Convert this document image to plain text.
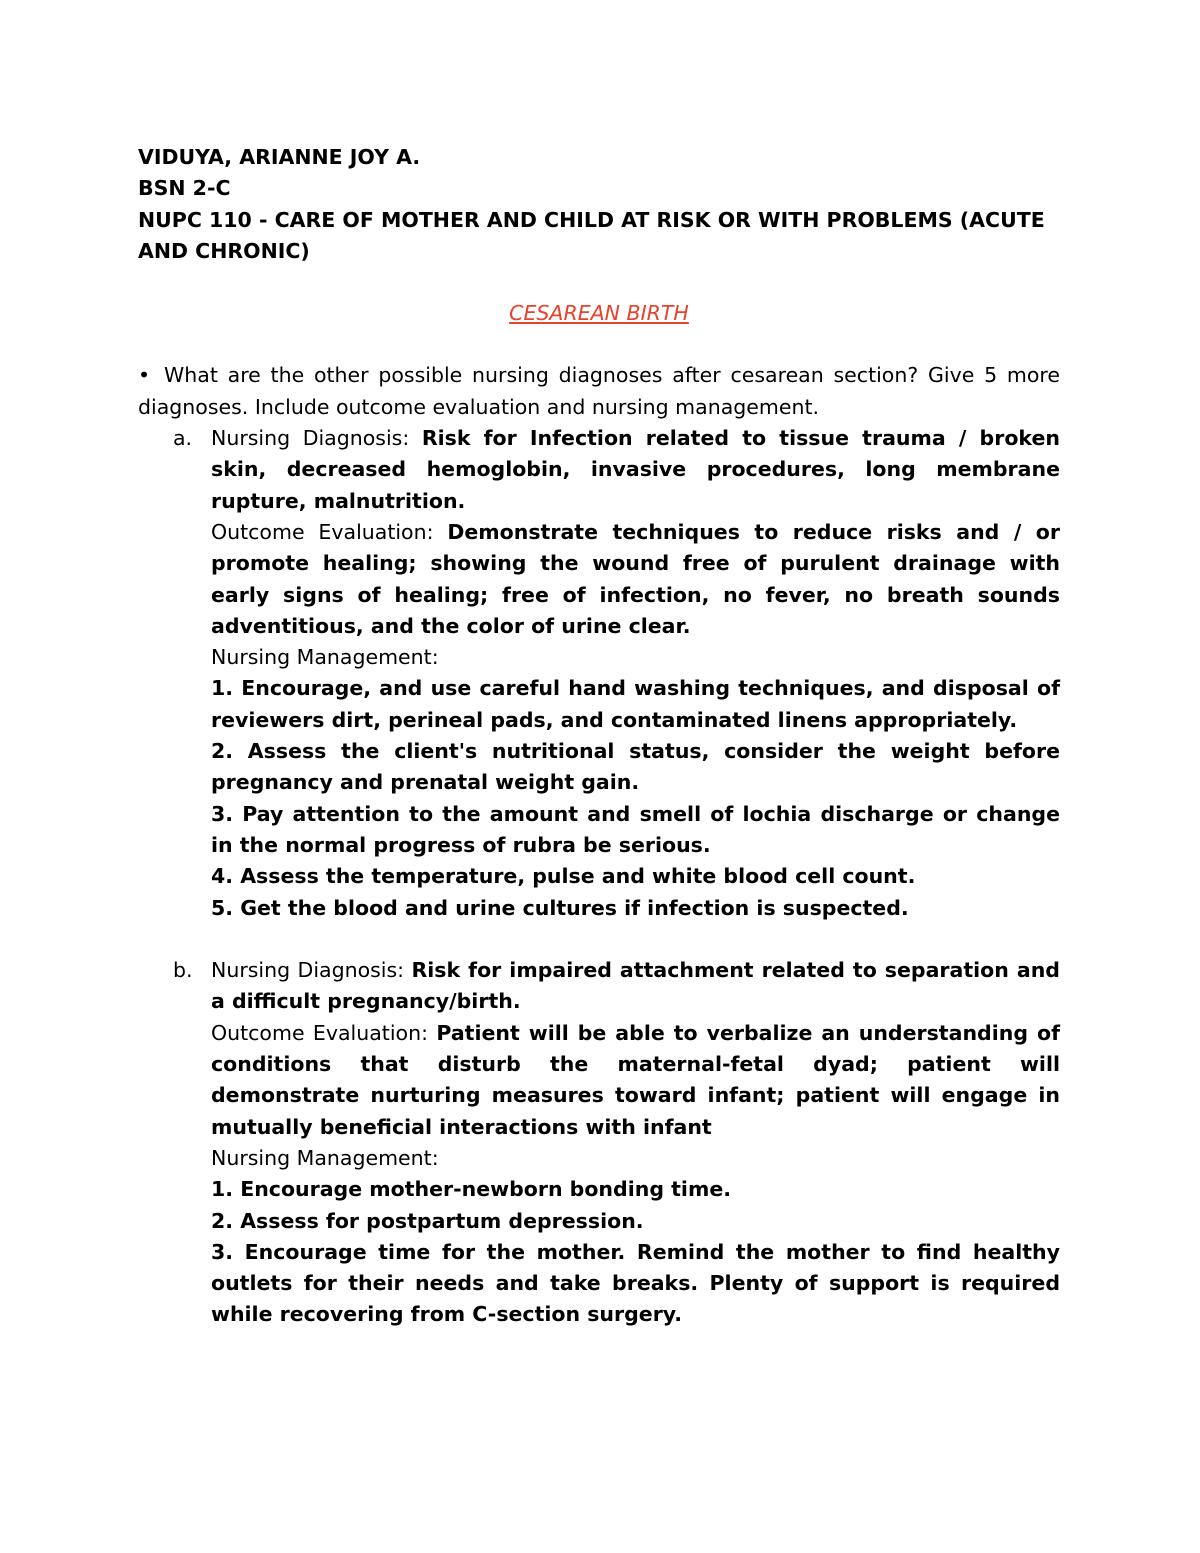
VIDUYA, ARIANNE JOY A.

BSN 2-C

NUPC 110 - CARE OF MOTHER AND CHILD AT RISK OR WITH PROBLEMS (ACUTE AND CHRONIC)

CESAREAN BIRTH

• What are the other possible nursing diagnoses after cesarean section? Give 5 more diagnoses. Include outcome evaluation and nursing management.

a. Nursing Diagnosis: Risk for Infection related to tissue trauma / broken skin, decreased hemoglobin, invasive procedures, long membrane rupture, malnutrition.

Outcome Evaluation: Demonstrate techniques to reduce risks and / or promote healing; showing the wound free of purulent drainage with early signs of healing; free of infection, no fever, no breath sounds adventitious, and the color of urine clear.

Nursing Management:

1. Encourage, and use careful hand washing techniques, and disposal of reviewers dirt, perineal pads, and contaminated linens appropriately.

2. Assess the client's nutritional status, consider the weight before pregnancy and prenatal weight gain.

3. Pay attention to the amount and smell of lochia discharge or change in the normal progress of rubra be serious.

4. Assess the temperature, pulse and white blood cell count.

5. Get the blood and urine cultures if infection is suspected.

b. Nursing Diagnosis: Risk for impaired attachment related to separation and a difficult pregnancy/birth.

Outcome Evaluation: Patient will be able to verbalize an understanding of conditions that disturb the maternal-fetal dyad; patient will demonstrate nurturing measures toward infant; patient will engage in mutually beneficial interactions with infant

Nursing Management:

1. Encourage mother-newborn bonding time.

2. Assess for postpartum depression.

3. Encourage time for the mother. Remind the mother to find healthy outlets for their needs and take breaks. Plenty of support is required while recovering from C-section surgery.
